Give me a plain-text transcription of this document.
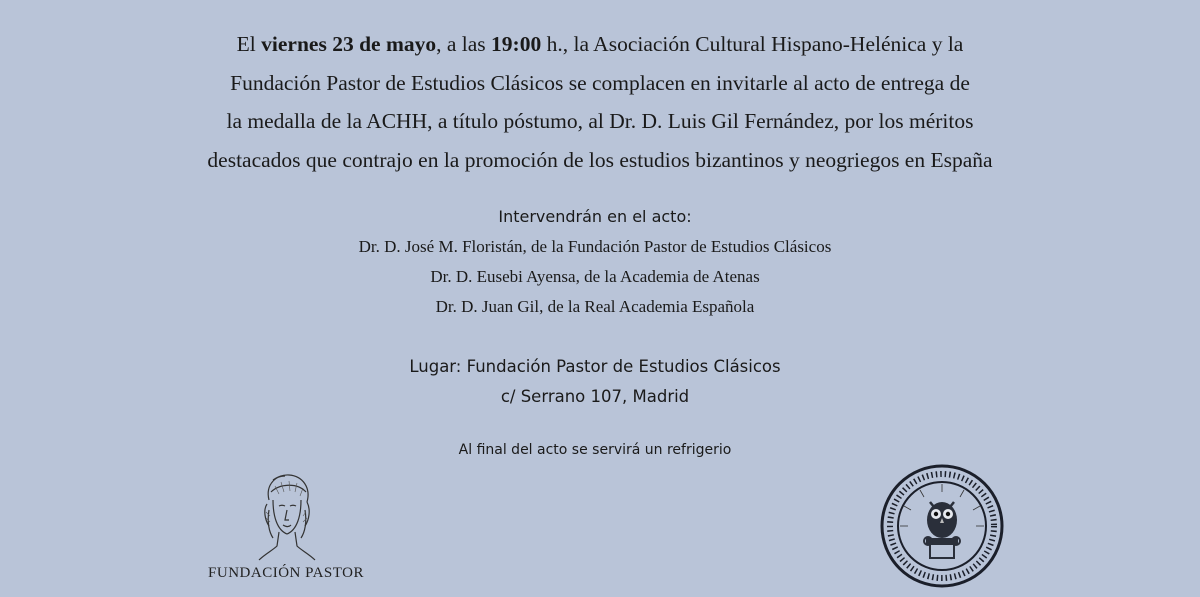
El viernes 23 de mayo, a las 19:00 h., la Asociación Cultural Hispano-Helénica y la
Fundación Pastor de Estudios Clásicos se complacen en invitarle al acto de entrega de
la medalla de la ACHH, a título póstumo, al Dr. D. Luis Gil Fernández, por los méritos
destacados que contrajo en la promoción de los estudios bizantinos y neogriegos en España
Intervendrán en el acto:
Dr. D. José M. Floristán, de la Fundación Pastor de Estudios Clásicos
Dr. D. Eusebi Ayensa, de la Academia de Atenas
Dr. D. Juan Gil, de la Real Academia Española
Lugar: Fundación Pastor de Estudios Clásicos
c/ Serrano 107, Madrid
Al final del acto se servirá un refrigerio
FUNDACIÓN PASTOR
